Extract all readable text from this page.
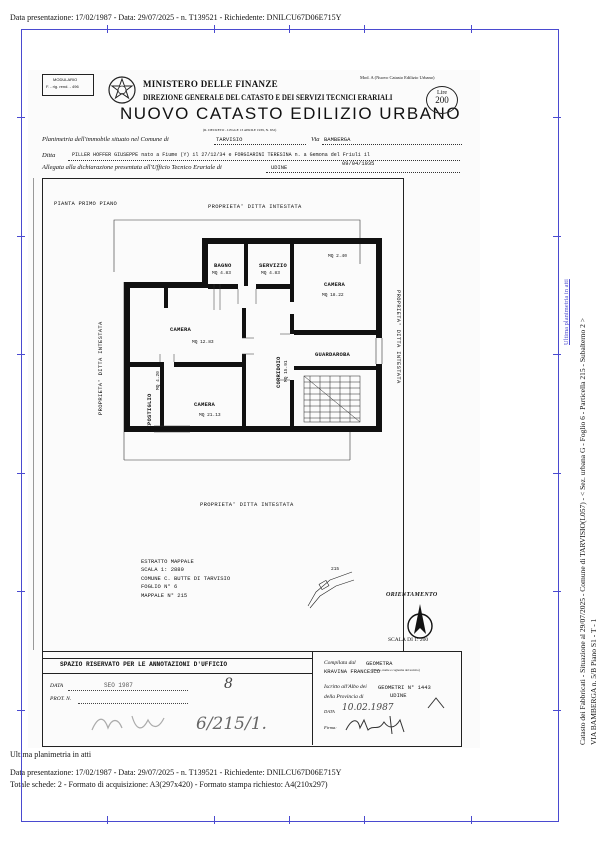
Data presentazione: 17/02/1987 - Data: 29/07/2025 - n. T139521 - Richiedente: DNILCU67D06E715Y
Ultima planimetria in atti
Data presentazione: 17/02/1987 - Data: 29/07/2025 - n. T139521 - Richiedente: DNILCU67D06E715Y
Totale schede: 2 - Formato di acquisizione: A3(297x420) - Formato stampa richiesto: A4(210x297)
Catasto dei Fabbricati - Situazione al 29/07/2025 - Comune di TARVISIO(L057) - < Sez. urbana G - Foglio 6 - Particella 215 - Subalterno 2 > VIA BAMBERGA n. 5/B Piano S1 - T - 1
Ultima planimetria in atti
MODULARIO
F. - rig. rend. - 496	MINISTERO DELLE FINANZE
DIREZIONE GENERALE DEL CATASTO E DEI SERVIZI TECNICI ERARIALI
NUOVO CATASTO EDILIZIO URBANO
Mod. A (Nuovo Catasto Edilizio Urbano)
Lire
200
(R. DECRETO - LEGGE 13 APRILE 1939, N. 652)
Planimetria dell'immobile situato nel Comune di	TARVISIO	Via BAMBERGA
Ditta	PILLER HOFFER GIUSEPPE nato a Fiume (Y) il 27/12/34 e FORGIARINI TERESINA n. a Gemona del Friuli il
09/04/1935
Allegata alla dichiarazione presentata all'Ufficio Tecnico Erariale di	UDINE
PIANTA PRIMO PIANO	PROPRIETA' DITTA INTESTATA
PROPRIETA' DITTA INTESTATA
PROPRIETA' DITTA INTESTATA	PROPRIETA' DITTA INTESTATA
BAGNO
MQ 4.83
SERVIZIO
MQ 4.83
MQ 2.40
CAMERA
MQ 18.22
CAMERA
MQ 12.83
GUARDAROBA
CAMERA
MQ 21.13
CORRIDOIO MQ 15.91
RIPOSTIGLIO
MQ 4.20
ESTRATTO MAPPALE
SCALA 1: 2880
COMUNE C. BUTTE DI TARVISIO
FOGLIO N° 6
MAPPALE N° 215
215
ORIENTAMENTO
SCALA DI 1: 200
SPAZIO RISERVATO PER LE ANNOTAZIONI D'UFFICIO
DATA
PROT. N.
SEO 1987	8
6/215/1.
Compilata dal GEOMETRA
KRAVINA FRANCESCO
(Titolo, nome e cognome del tecnico)
Iscritto all'Albo dei GEOMETRI N° 1443
della Provincia di	UDINE
DATA 10.02.1987
Firma:
